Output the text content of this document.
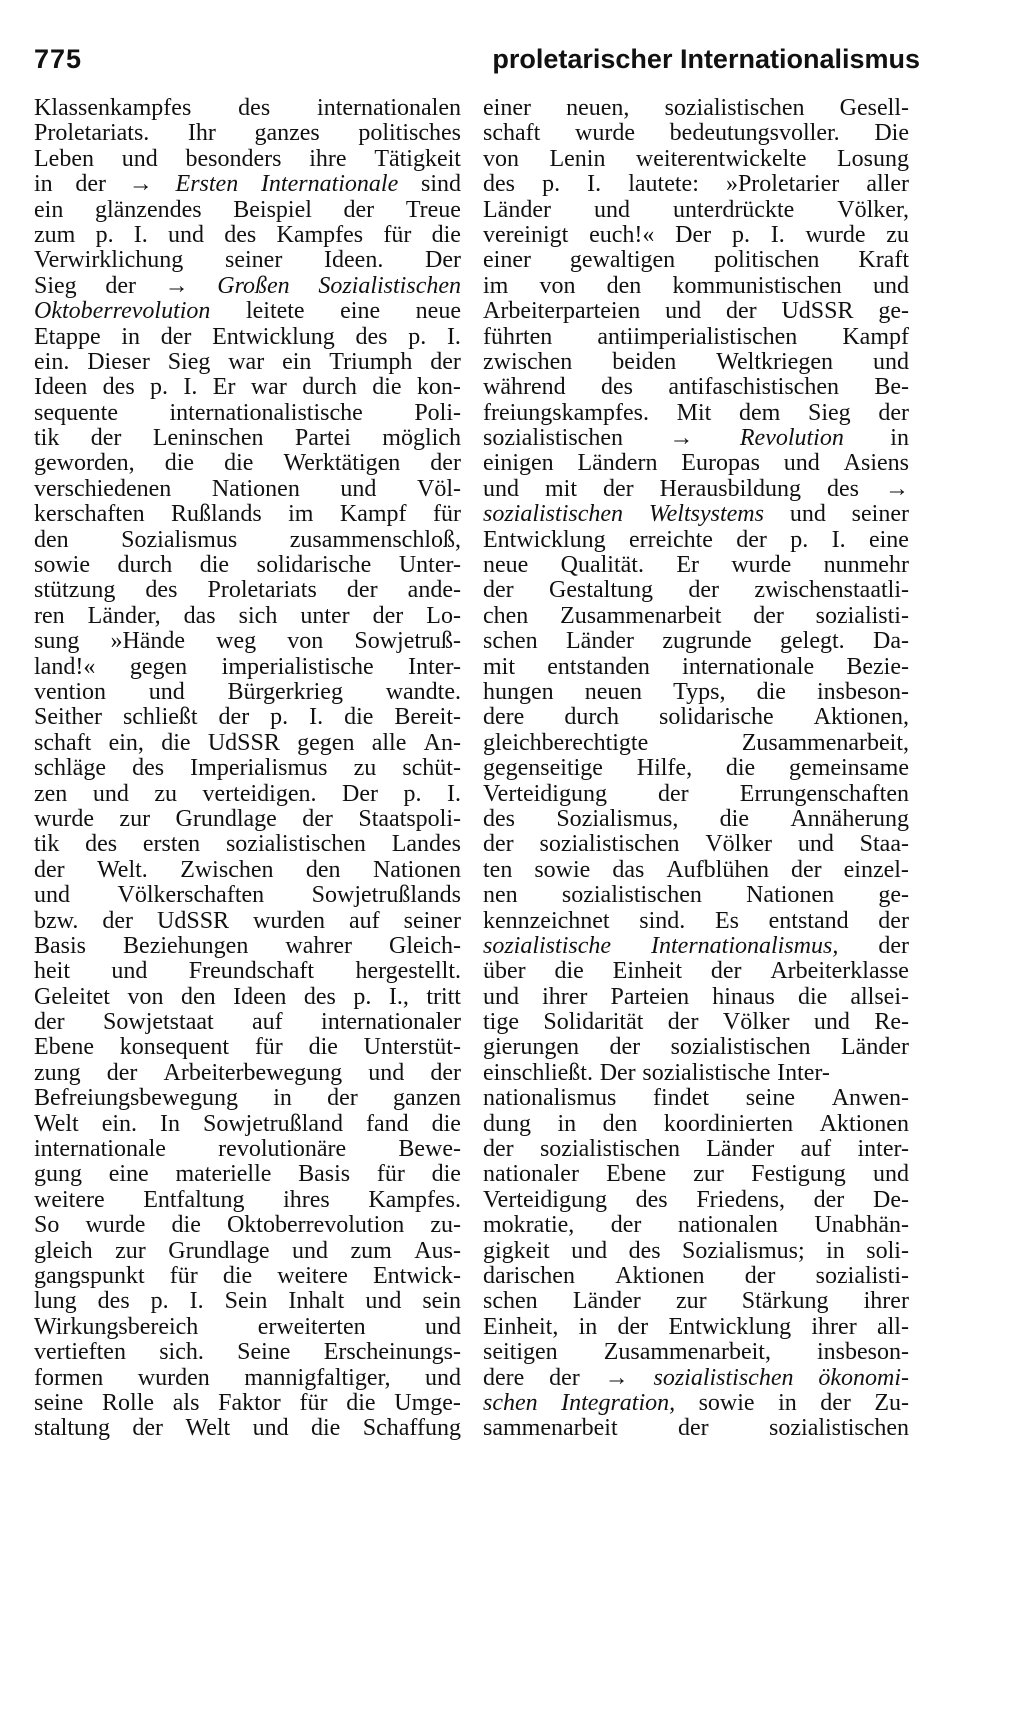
775	proletarischer Internationalismus
Klassenkampfes des internationalen
Proletariats. Ihr ganzes politisches
Leben und besonders ihre Tätigkeit
in der → Ersten Internationale sind
ein glänzendes Beispiel der Treue
zum p. I. und des Kampfes für die
Verwirklichung seiner Ideen. Der
Sieg der → Großen Sozialistischen
Oktoberrevolution leitete eine neue
Etappe in der Entwicklung des p. I.
ein. Dieser Sieg war ein Triumph der
Ideen des p. I. Er war durch die kon-
sequente internationalistische Poli-
tik der Leninschen Partei möglich
geworden, die die Werktätigen der
verschiedenen Nationen und Völ-
kerschaften Rußlands im Kampf für
den Sozialismus zusammenschloß,
sowie durch die solidarische Unter-
stützung des Proletariats der ande-
ren Länder, das sich unter der Lo-
sung »Hände weg von Sowjetruß-
land!« gegen imperialistische Inter-
vention und Bürgerkrieg wandte.
Seither schließt der p. I. die Bereit-
schaft ein, die UdSSR gegen alle An-
schläge des Imperialismus zu schüt-
zen und zu verteidigen. Der p. I.
wurde zur Grundlage der Staatspoli-
tik des ersten sozialistischen Landes
der Welt. Zwischen den Nationen
und Völkerschaften Sowjetrußlands
bzw. der UdSSR wurden auf seiner
Basis Beziehungen wahrer Gleich-
heit und Freundschaft hergestellt.
Geleitet von den Ideen des p. I., tritt
der Sowjetstaat auf internationaler
Ebene konsequent für die Unterstüt-
zung der Arbeiterbewegung und der
Befreiungsbewegung in der ganzen
Welt ein. In Sowjetrußland fand die
internationale revolutionäre Bewe-
gung eine materielle Basis für die
weitere Entfaltung ihres Kampfes.
So wurde die Oktoberrevolution zu-
gleich zur Grundlage und zum Aus-
gangspunkt für die weitere Entwick-
lung des p. I. Sein Inhalt und sein
Wirkungsbereich erweiterten und
vertieften sich. Seine Erscheinungs-
formen wurden mannigfaltiger, und
seine Rolle als Faktor für die Umge-
staltung der Welt und die Schaffung
einer neuen, sozialistischen Gesell-
schaft wurde bedeutungsvoller. Die
von Lenin weiterentwickelte Losung
des p. I. lautete: »Proletarier aller
Länder und unterdrückte Völker,
vereinigt euch!« Der p. I. wurde zu
einer gewaltigen politischen Kraft
im von den kommunistischen und
Arbeiterparteien und der UdSSR ge-
führten antiimperialistischen Kampf
zwischen beiden Weltkriegen und
während des antifaschistischen Be-
freiungskampfes. Mit dem Sieg der
sozialistischen → Revolution in
einigen Ländern Europas und Asiens
und mit der Herausbildung des →
sozialistischen Weltsystems und seiner
Entwicklung erreichte der p. I. eine
neue Qualität. Er wurde nunmehr
der Gestaltung der zwischenstaatli-
chen Zusammenarbeit der sozialisti-
schen Länder zugrunde gelegt. Da-
mit entstanden internationale Bezie-
hungen neuen Typs, die insbeson-
dere durch solidarische Aktionen,
gleichberechtigte	Zusammenarbeit,
gegenseitige Hilfe, die gemeinsame
Verteidigung der Errungenschaften
des Sozialismus, die Annäherung
der sozialistischen Völker und Staa-
ten sowie das Aufblühen der einzel-
nen sozialistischen Nationen ge-
kennzeichnet sind. Es entstand der
sozialistische Internationalismus, der
über die Einheit der Arbeiterklasse
und ihrer Parteien hinaus die allsei-
tige Solidarität der Völker und Re-
gierungen der sozialistischen Länder
einschließt. Der sozialistische Inter-
nationalismus findet seine Anwen-
dung in den koordinierten Aktionen
der sozialistischen Länder auf inter-
nationaler Ebene zur Festigung und
Verteidigung des Friedens, der De-
mokratie, der nationalen Unabhän-
gigkeit und des Sozialismus; in soli-
darischen Aktionen der sozialisti-
schen Länder zur Stärkung ihrer
Einheit, in der Entwicklung ihrer all-
seitigen Zusammenarbeit, insbeson-
dere der → sozialistischen ökonomi-
schen Integration, sowie in der Zu-
sammenarbeit	der	sozialistischen
